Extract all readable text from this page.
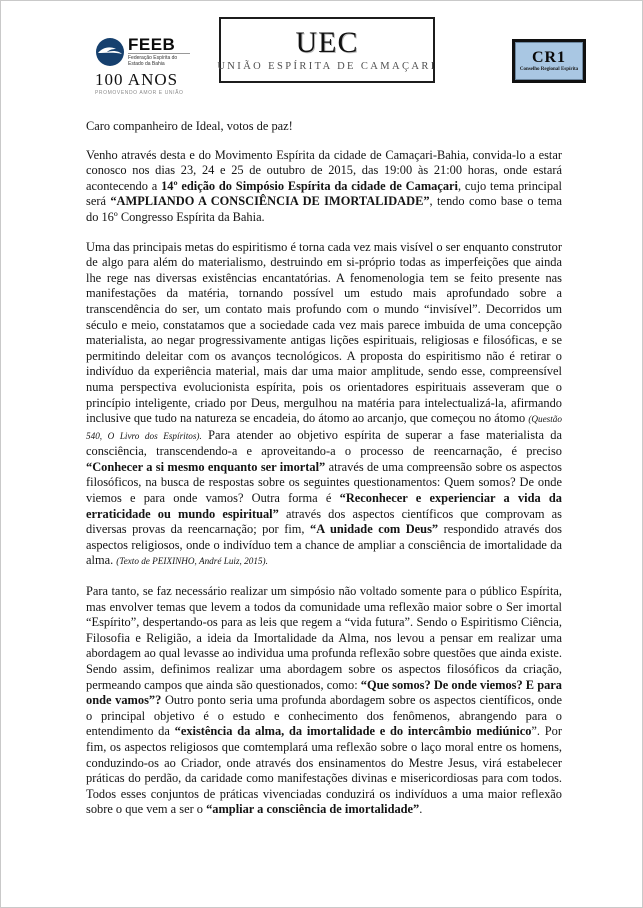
FEEB
Federação Espírita do Estado da Bahia
100 ANOS
PROMOVENDO AMOR E UNIÃO
UEC
UNIÃO ESPÍRITA DE CAMAÇARI
CR1
Conselho Regional Espírita

Caro companheiro de Ideal, votos de paz!

Venho através desta e do Movimento Espírita da cidade de Camaçari-Bahia, convida-lo a estar conosco nos dias 23, 24 e 25 de outubro de 2015, das 19:00 às 21:00 horas, onde estará acontecendo a 14º edição do Simpósio Espírita da cidade de Camaçari, cujo tema principal será “AMPLIANDO A CONSCIÊNCIA DE IMORTALIDADE”, tendo como base o tema do 16º Congresso Espírita da Bahia.

Uma das principais metas do espiritismo é torna cada vez mais visível o ser enquanto construtor de algo para além do materialismo, destruindo em si-próprio todas as imperfeições que ainda lhe rege nas diversas existências encantatórias. A fenomenologia tem se feito presente nas manifestações da matéria, tornando possível um estudo mais aprofundado sobre a transcendência do ser, um contato mais profundo com o mundo “invisível”. Decorridos um século e meio, constatamos que a sociedade cada vez mais parece imbuida de uma concepção materialista, ao negar progressivamente antigas lições espirituais, religiosas e filosóficas, e se permitindo deleitar com os avanços tecnológicos. A proposta do espiritismo não é retirar o indivíduo da experiência material, mais dar uma maior amplitude, sendo esse, compreensível numa perspectiva evolucionista espírita, pois os orientadores espirituais asseveram que o princípio inteligente, criado por Deus, mergulhou na matéria para intelectualizá-la, afirmando inclusive que tudo na natureza se encadeia, do átomo ao arcanjo, que começou no átomo (Questão 540, O Livro dos Espíritos). Para atender ao objetivo espírita de superar a fase materialista da consciência, transcendendo-a e aproveitando-a o processo de reencarnação, é preciso “Conhecer a si mesmo enquanto ser imortal” através de uma compreensão sobre os aspectos filosóficos, na busca de respostas sobre os seguintes questionamentos: Quem somos? De onde viemos e para onde vamos? Outra forma é “Reconhecer e experienciar a vida da erraticidade ou mundo espiritual” através dos aspectos científicos que comprovam as diversas provas da reencarnação; por fim, “A unidade com Deus” respondido através dos aspectos religiosos, onde o indivíduo tem a chance de ampliar a consciência de imortalidade da alma. (Texto de PEIXINHO, André Luiz, 2015).

Para tanto, se faz necessário realizar um simpósio não voltado somente para o público Espírita, mas envolver temas que levem a todos da comunidade uma reflexão maior sobre o Ser imortal “Espírito”, despertando-os para as leis que regem a “vida futura”. Sendo o Espiritismo Ciência, Filosofia e Religião, a ideia da Imortalidade da Alma, nos levou a pensar em realizar uma abordagem ao qual levasse ao individua uma profunda reflexão sobre questões que ainda existe. Sendo assim, definimos realizar uma abordagem sobre os aspectos filosóficos da criação, permeando campos que ainda são questionados, como: “Que somos? De onde viemos? E para onde vamos”? Outro ponto seria uma profunda abordagem sobre os aspectos científicos, onde o principal objetivo é o estudo e conhecimento dos fenômenos, abrangendo para o entendimento da “existência da alma, da imortalidade e do intercâmbio mediúnico”. Por fim, os aspectos religiosos que comtemplará uma reflexão sobre o laço moral entre os homens, conduzindo-os ao Criador, onde através dos ensinamentos do Mestre Jesus, virá estabelecer práticas do perdão, da caridade como manifestações divinas e misericordiosas para com todos. Todos esses conjuntos de práticas vivenciadas conduzirá os indivíduos a uma maior reflexão sobre o que vem a ser o “ampliar a consciência de imortalidade”.
